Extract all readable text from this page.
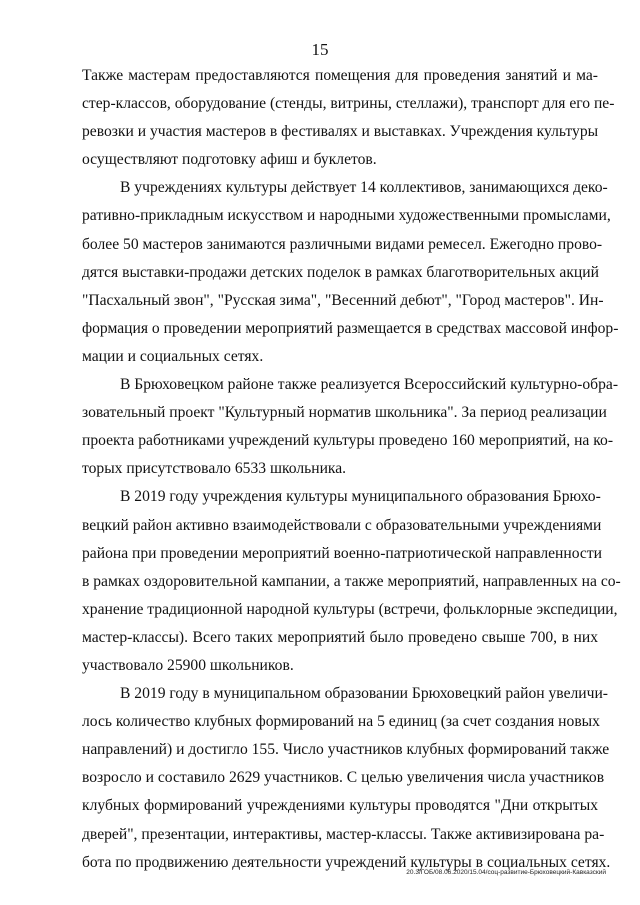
15
Также мастерам предоставляются помещения для проведения занятий и ма-
стер-классов, оборудование (стенды, витрины, стеллажи), транспорт для его пе-
ревозки и участия мастеров в фестивалях и выставках. Учреждения культуры
осуществляют подготовку афиш и буклетов.
В учреждениях культуры действует 14 коллективов, занимающихся деко-
ративно-прикладным искусством и народными художественными промыслами,
более 50 мастеров занимаются различными видами ремесел. Ежегодно прово-
дятся выставки-продажи детских поделок в рамках благотворительных акций
"Пасхальный звон", "Русская зима", "Весенний дебют", "Город мастеров". Ин-
формация о проведении мероприятий размещается в средствах массовой инфор-
мации и социальных сетях.
В Брюховецком районе также реализуется Всероссийский культурно-обра-
зовательный проект "Культурный норматив школьника". За период реализации
проекта работниками учреждений культуры проведено 160 мероприятий, на ко-
торых присутствовало 6533 школьника.
В 2019 году учреждения культуры муниципального образования Брюхо-
вецкий район активно взаимодействовали с образовательными учреждениями
района при проведении мероприятий военно-патриотической направленности
в рамках оздоровительной кампании, а также мероприятий, направленных на со-
хранение традиционной народной культуры (встречи, фольклорные экспедиции,
мастер-классы). Всего таких мероприятий было проведено свыше 700, в них
участвовало 25900 школьников.
В 2019 году в муниципальном образовании Брюховецкий район увеличи-
лось количество клубных формирований на 5 единиц (за счет создания новых
направлений) и достигло 155. Число участников клубных формирований также
возросло и составило 2629 участников. С целью увеличения числа участников
клубных формирований учреждениями культуры проводятся "Дни открытых
дверей", презентации, интерактивы, мастер-классы. Также активизирована ра-
бота по продвижению деятельности учреждений культуры в социальных сетях.
20.3/ГОБ/08.06.2020/15.04/соц-развитие-Брюховецкий-Кавказский
